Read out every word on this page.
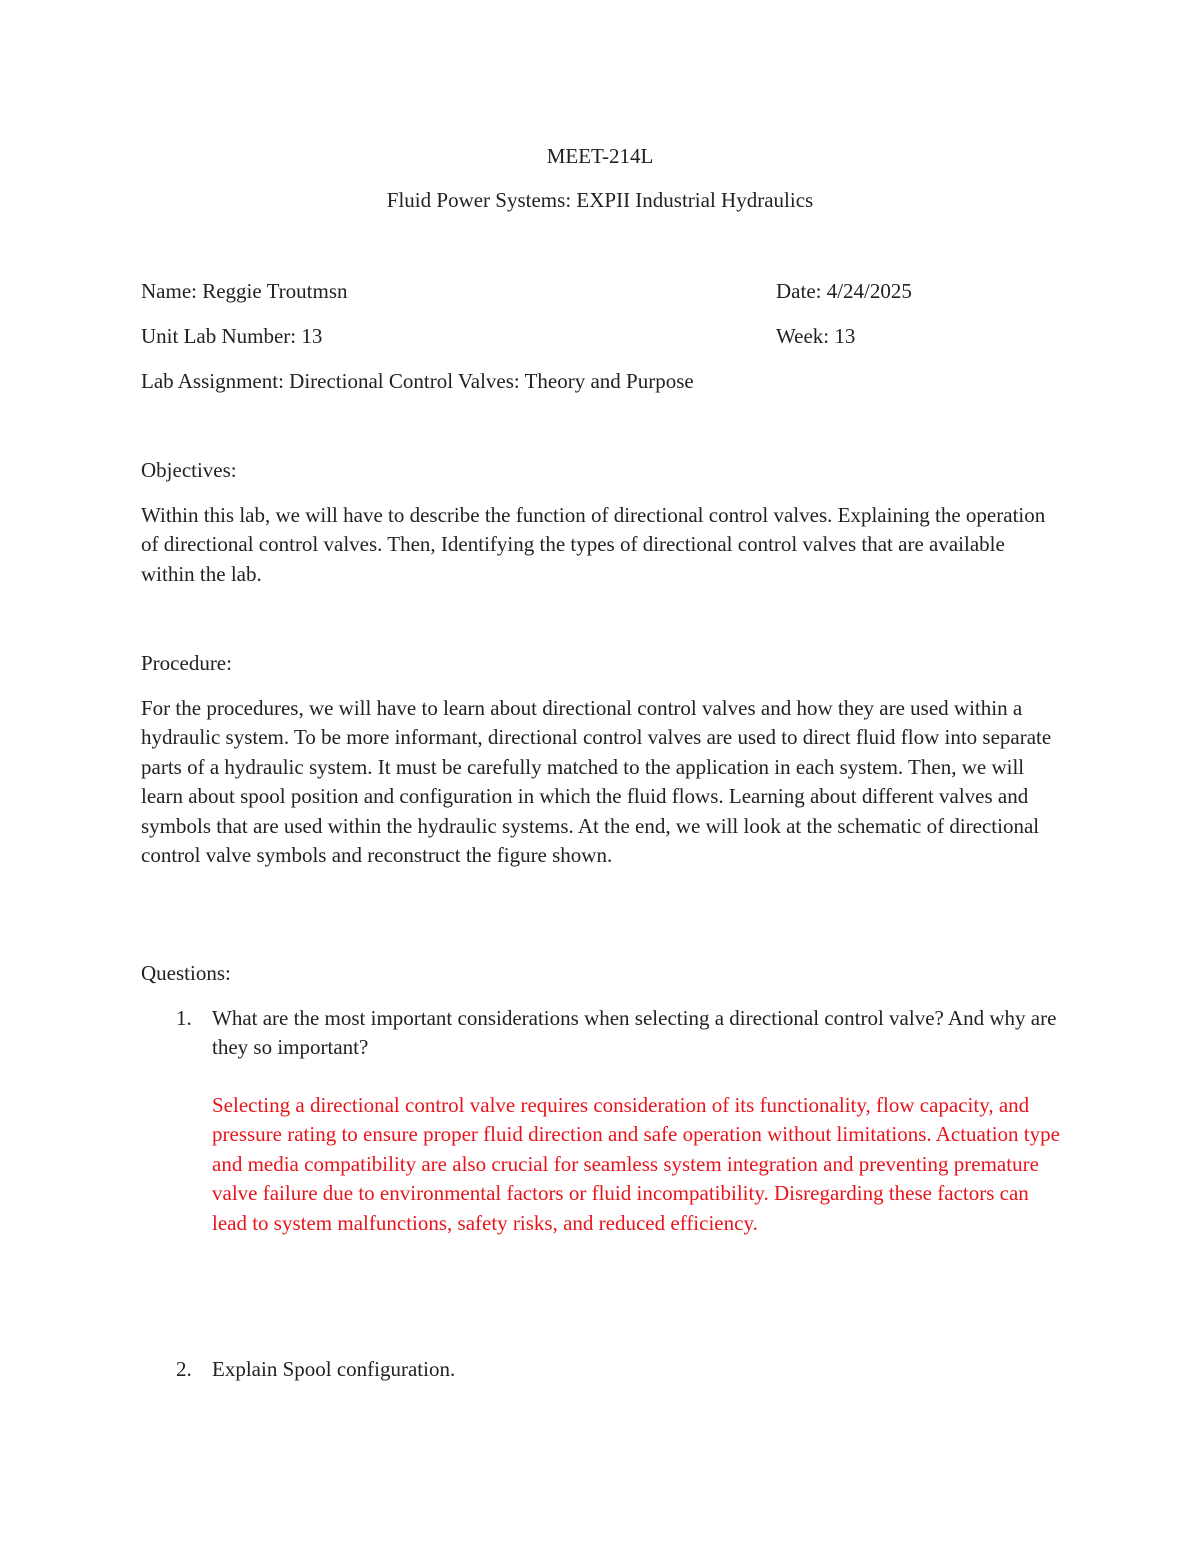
MEET-214L
Fluid Power Systems: EXPII Industrial Hydraulics
Name: Reggie Troutmsn	Date: 4/24/2025
Unit Lab Number: 13	Week: 13
Lab Assignment: Directional Control Valves: Theory and Purpose
Objectives:
Within this lab, we will have to describe the function of directional control valves. Explaining the operation of directional control valves. Then, Identifying the types of directional control valves that are available within the lab.
Procedure:
For the procedures, we will have to learn about directional control valves and how they are used within a hydraulic system. To be more informant, directional control valves are used to direct fluid flow into separate parts of a hydraulic system. It must be carefully matched to the application in each system. Then, we will learn about spool position and configuration in which the fluid flows. Learning about different valves and symbols that are used within the hydraulic systems. At the end, we will look at the schematic of directional control valve symbols and reconstruct the figure shown.
Questions:
1. What are the most important considerations when selecting a directional control valve? And why are they so important?
Selecting a directional control valve requires consideration of its functionality, flow capacity, and pressure rating to ensure proper fluid direction and safe operation without limitations. Actuation type and media compatibility are also crucial for seamless system integration and preventing premature valve failure due to environmental factors or fluid incompatibility. Disregarding these factors can lead to system malfunctions, safety risks, and reduced efficiency.
2. Explain Spool configuration.
